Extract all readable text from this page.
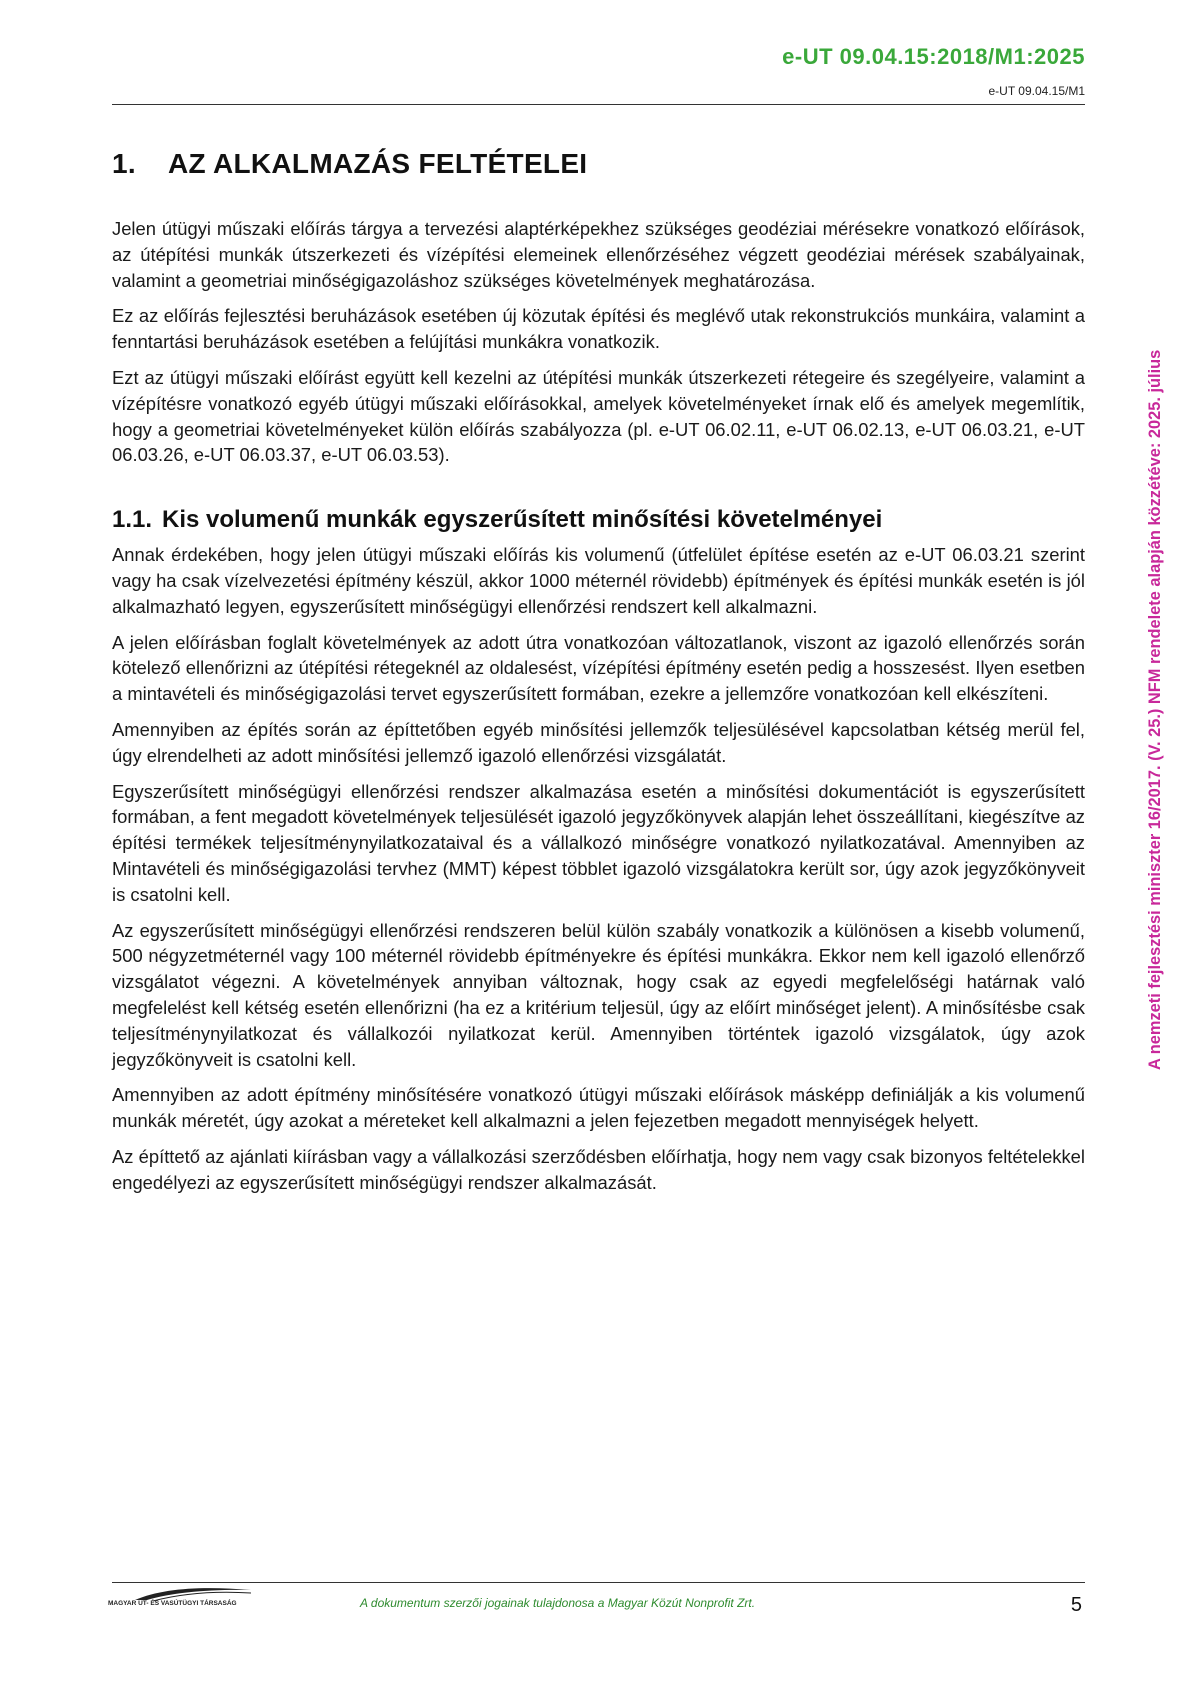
e-UT 09.04.15:2018/M1:2025
e-UT 09.04.15/M1
A nemzeti fejlesztési miniszter 16/2017. (V. 25.) NFM rendelete alapján közzétéve: 2025. július
1. AZ ALKALMAZÁS FELTÉTELEI

Jelen útügyi műszaki előírás tárgya a tervezési alaptérképekhez szükséges geodéziai mérésekre vonatkozó előírások, az útépítési munkák útszerkezeti és vízépítési elemeinek ellenőrzéséhez végzett geodéziai mérések szabályainak, valamint a geometriai minőségigazoláshoz szükséges követelmények meghatározása.

Ez az előírás fejlesztési beruházások esetében új közutak építési és meglévő utak rekonstrukciós munkáira, valamint a fenntartási beruházások esetében a felújítási munkákra vonatkozik.

Ezt az útügyi műszaki előírást együtt kell kezelni az útépítési munkák útszerkezeti rétegeire és szegélyeire, valamint a vízépítésre vonatkozó egyéb útügyi műszaki előírásokkal, amelyek követelményeket írnak elő és amelyek megemlítik, hogy a geometriai követelményeket külön előírás szabályozza (pl. e-UT 06.02.11, e-UT 06.02.13, e-UT 06.03.21, e-UT 06.03.26, e-UT 06.03.37, e-UT 06.03.53).

1.1. Kis volumenű munkák egyszerűsített minősítési követelményei

Annak érdekében, hogy jelen útügyi műszaki előírás kis volumenű (útfelület építése esetén az e-UT 06.03.21 szerint vagy ha csak vízelvezetési építmény készül, akkor 1000 méternél rövidebb) építmények és építési munkák esetén is jól alkalmazható legyen, egyszerűsített minőségügyi ellenőrzési rendszert kell alkalmazni.

A jelen előírásban foglalt követelmények az adott útra vonatkozóan változatlanok, viszont az igazoló ellenőrzés során kötelező ellenőrizni az útépítési rétegeknél az oldalesést, vízépítési építmény esetén pedig a hosszesést. Ilyen esetben a mintavételi és minőségigazolási tervet egyszerűsített formában, ezekre a jellemzőre vonatkozóan kell elkészíteni.

Amennyiben az építés során az építtetőben egyéb minősítési jellemzők teljesülésével kapcsolatban kétség merül fel, úgy elrendelheti az adott minősítési jellemző igazoló ellenőrzési vizsgálatát.

Egyszerűsített minőségügyi ellenőrzési rendszer alkalmazása esetén a minősítési dokumentációt is egyszerűsített formában, a fent megadott követelmények teljesülését igazoló jegyzőkönyvek alapján lehet összeállítani, kiegészítve az építési termékek teljesítménynyilatkozataival és a vállalkozó minőségre vonatkozó nyilatkozatával. Amennyiben az Mintavételi és minőségigazolási tervhez (MMT) képest többlet igazoló vizsgálatokra került sor, úgy azok jegyzőkönyveit is csatolni kell.

Az egyszerűsített minőségügyi ellenőrzési rendszeren belül külön szabály vonatkozik a különösen a kisebb volumenű, 500 négyzetméternél vagy 100 méternél rövidebb építményekre és építési munkákra. Ekkor nem kell igazoló ellenőrző vizsgálatot végezni. A követelmények annyiban változnak, hogy csak az egyedi megfelelőségi határnak való megfelelést kell kétség esetén ellenőrizni (ha ez a kritérium teljesül, úgy az előírt minőséget jelent). A minősítésbe csak teljesítménynyilatkozat és vállalkozói nyilatkozat kerül. Amennyiben történtek igazoló vizsgálatok, úgy azok jegyzőkönyveit is csatolni kell.

Amennyiben az adott építmény minősítésére vonatkozó útügyi műszaki előírások másképp definiálják a kis volumenű munkák méretét, úgy azokat a méreteket kell alkalmazni a jelen fejezetben megadott mennyiségek helyett.

Az építtető az ajánlati kiírásban vagy a vállalkozási szerződésben előírhatja, hogy nem vagy csak bizonyos feltételekkel engedélyezi az egyszerűsített minőségügyi rendszer alkalmazását.

MAGYAR ÚT- ÉS VASÚTÜGYI TÁRSASÁG	A dokumentum szerzői jogainak tulajdonosa a Magyar Közút Nonprofit Zrt.	5
